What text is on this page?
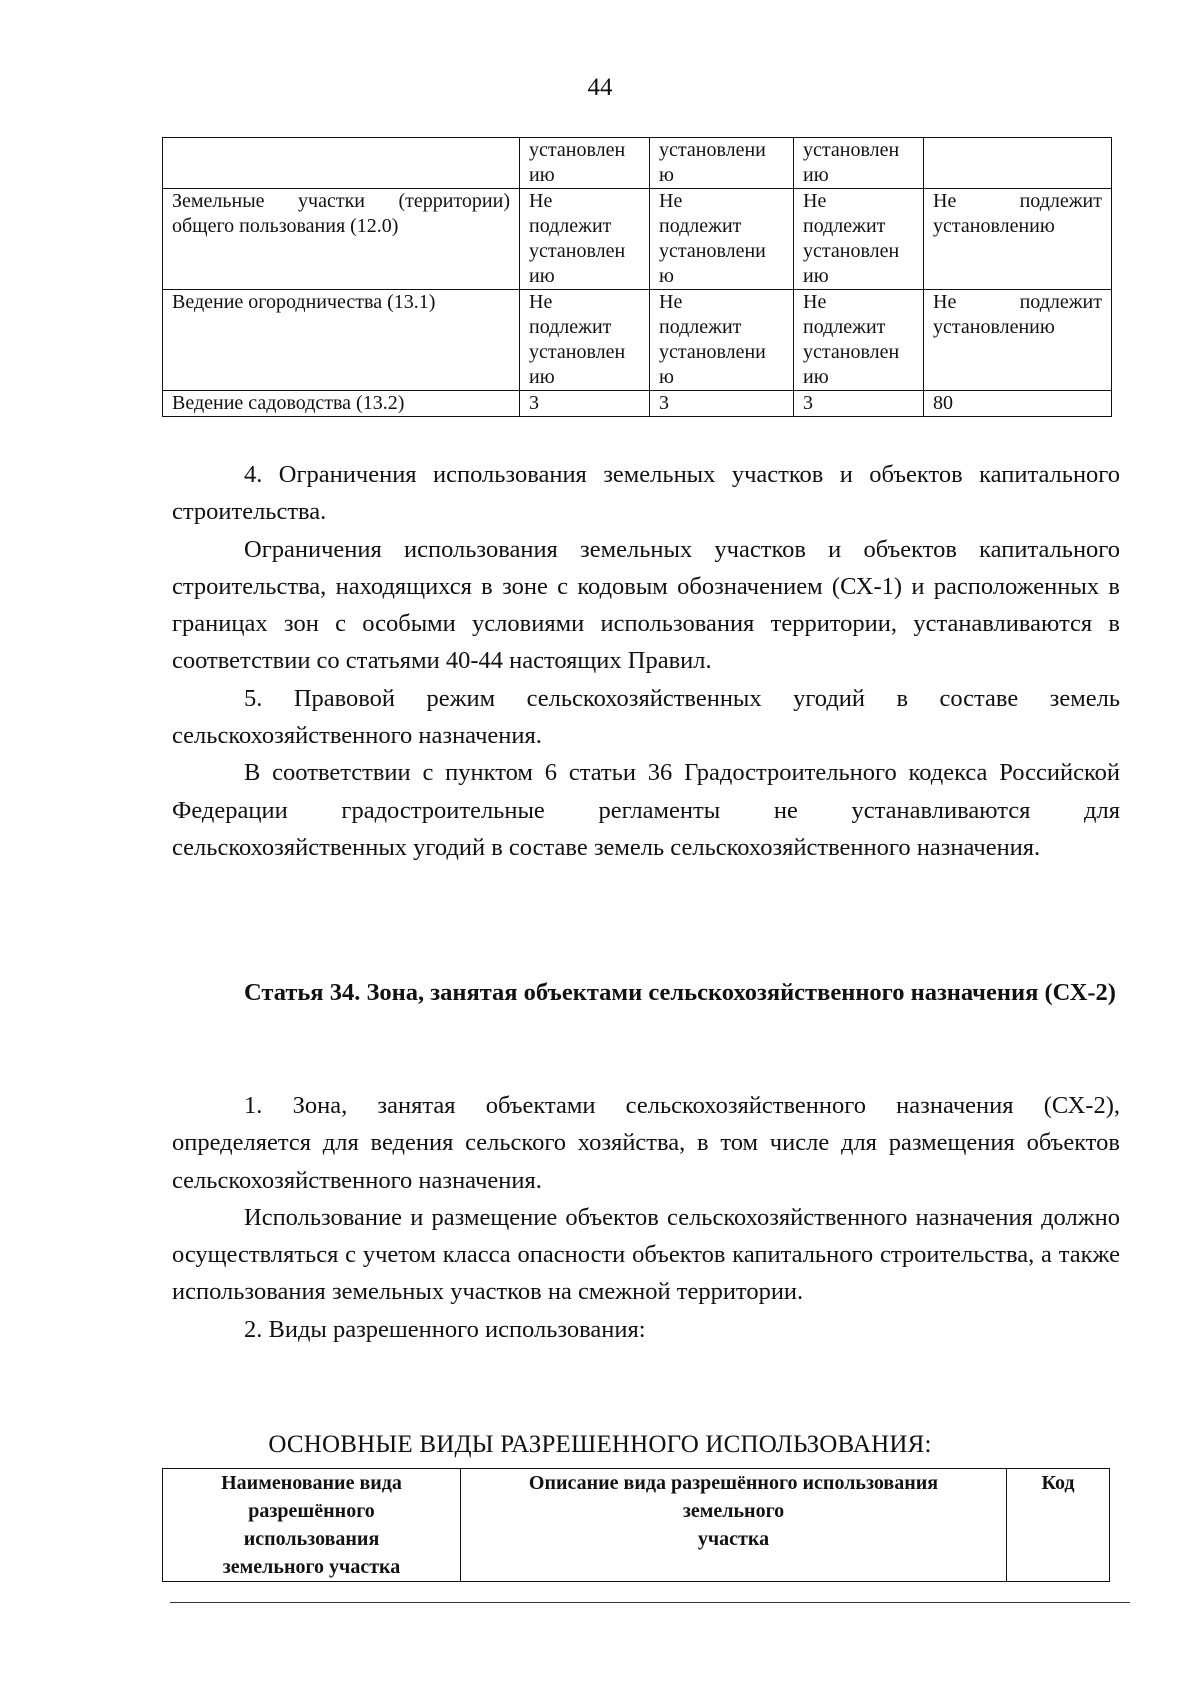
44
	установлен
ию	установлени
ю	установлен
ию	
Земельные участки (территории) общего пользования (12.0)	Не
подлежит
установлен
ию	Не
подлежит
установлени
ю	Не
подлежит
установлен
ию	Не подлежит установлению
Ведение огородничества (13.1)	Не
подлежит
установлен
ию	Не
подлежит
установлени
ю	Не
подлежит
установлен
ию	Не подлежит установлению
Ведение садоводства (13.2)	3	3	3	80

4. Ограничения использования земельных участков и объектов капитального строительства.

Ограничения использования земельных участков и объектов капитального строительства, находящихся в зоне с кодовым обозначением (СХ-1) и расположенных в границах зон с особыми условиями использования территории, устанавливаются в соответствии со статьями 40-44 настоящих Правил.

5. Правовой режим сельскохозяйственных угодий в составе земель сельскохозяйственного назначения.

В соответствии с пунктом 6 статьи 36 Градостроительного кодекса Российской Федерации градостроительные регламенты не устанавливаются для сельскохозяйственных угодий в составе земель сельскохозяйственного назначения.

Статья 34. Зона, занятая объектами сельскохозяйственного назначения (СХ-2)

1. Зона, занятая объектами сельскохозяйственного назначения (СХ-2), определяется для ведения сельского хозяйства, в том числе для размещения объектов сельскохозяйственного назначения.

Использование и размещение объектов сельскохозяйственного назначения должно осуществляться с учетом класса опасности объектов капитального строительства, а также использования земельных участков на смежной территории.

2. Виды разрешенного использования:

ОСНОВНЫЕ ВИДЫ РАЗРЕШЕННОГО ИСПОЛЬЗОВАНИЯ:
Наименование вида
разрешённого
использования
земельного участка	Описание вида разрешённого использования
земельного
участка	Код
